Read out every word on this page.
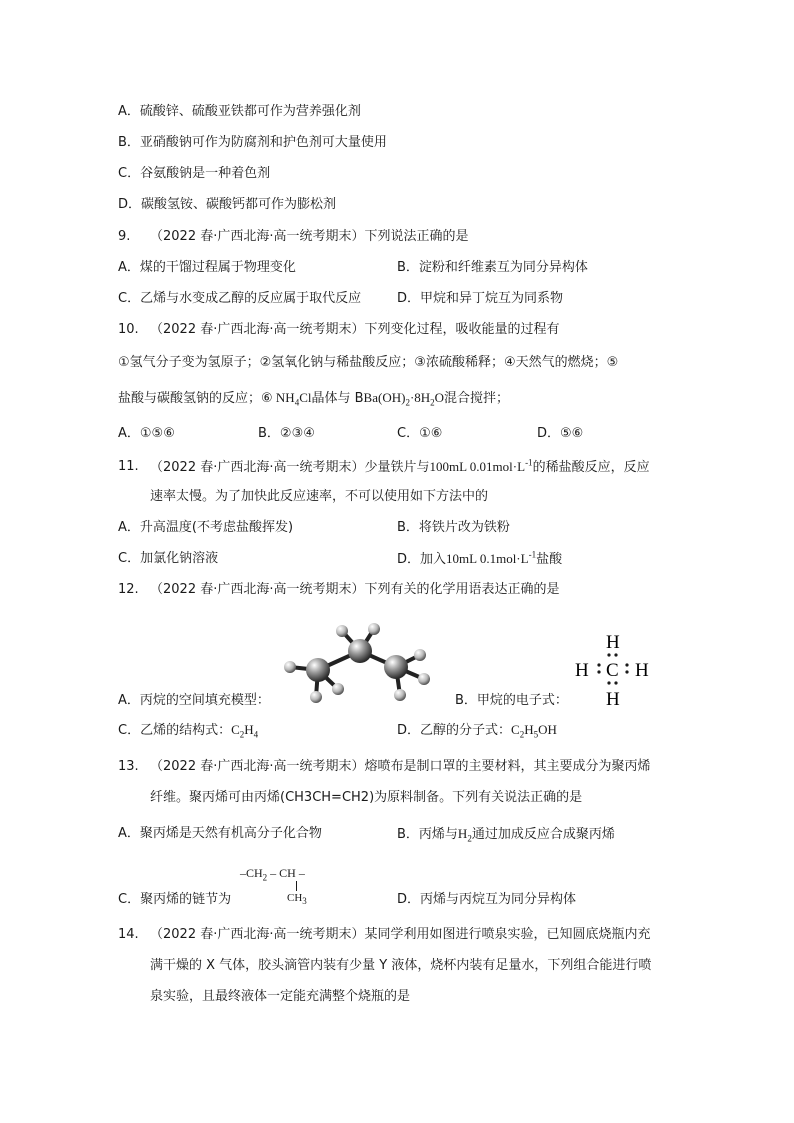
A．硫酸锌、硫酸亚铁都可作为营养强化剂
B．亚硝酸钠可作为防腐剂和护色剂可大量使用
C．谷氨酸钠是一种着色剂
D．碳酸氢铵、碳酸钙都可作为膨松剂
9. （2022 春·广西北海·高一统考期末）下列说法正确的是
A．煤的干馏过程属于物理变化	B．淀粉和纤维素互为同分异构体
C．乙烯与水变成乙醇的反应属于取代反应	D．甲烷和异丁烷互为同系物
10. （2022 春·广西北海·高一统考期末）下列变化过程，吸收能量的过程有
①氢气分子变为氢原子；②氢氧化钠与稀盐酸反应；③浓硫酸稀释；④天然气的燃烧；⑤
盐酸与碳酸氢钠的反应；⑥ $NH_4Cl$晶体与 $BBa(OH)_2\cdot 8H_2O$混合搅拌；
A．①⑤⑥	B．②③④	C．①⑥	D．⑤⑥
11. （2022 春·广西北海·高一统考期末）少量铁片与100mL $0.01mol\cdot L^{-1}$的稀盐酸反应，反应
速率太慢。为了加快此反应速率，不可以使用如下方法中的
A．升高温度(不考虑盐酸挥发)	B．将铁片改为铁粉
C．加氯化钠溶液	D．加入10mL $0.1mol\cdot L^{-1}$盐酸
12. （2022 春·广西北海·高一统考期末）下列有关的化学用语表达正确的是
H
H C H
H
A．丙烷的空间填充模型：	B．甲烷的电子式：
C．乙烯的结构式：$C_2H_4$	D．乙醇的分子式：$C_2H_5OH$
13. （2022 春·广西北海·高一统考期末）熔喷布是制口罩的主要材料，其主要成分为聚丙烯
纤维。聚丙烯可由丙烯(CH3CH=CH2)为原料制备。下列有关说法正确的是
A．聚丙烯是天然有机高分子化合物	B．丙烯与$H_2$通过加成反应合成聚丙烯
$-CH_2$ – CH –
$CH_3$
C．聚丙烯的链节为	D．丙烯与丙烷互为同分异构体
14. （2022 春·广西北海·高一统考期末）某同学利用如图进行喷泉实验，已知圆底烧瓶内充
满干燥的 X 气体，胶头滴管内装有少量 Y 液体，烧杯内装有足量水，下列组合能进行喷
泉实验，且最终液体一定能充满整个烧瓶的是
